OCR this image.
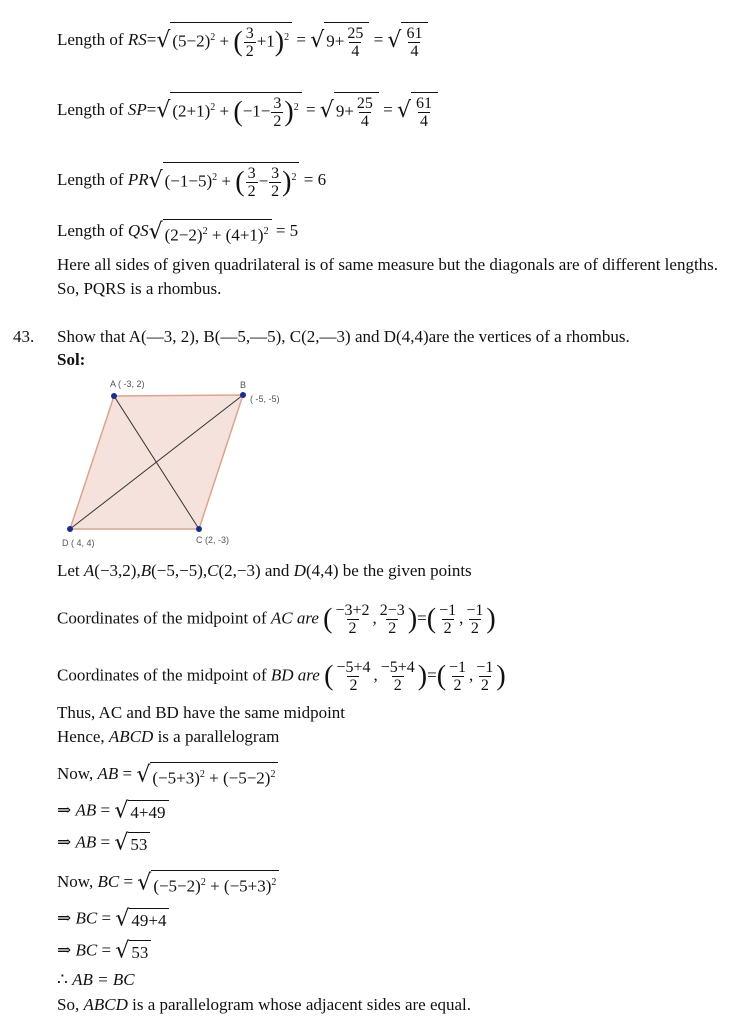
Length of RS=√ $(5-2)^2$ + ( $\frac{3}{2} +1)^2$ = √ $9+ \frac{25}{4}$ = √ $\frac{61}{4}$
Length of SP=√ $(2+1)^2 + (-1- \frac{3}{2} )^2$ = √ $9+ \frac{25}{4}$ = √ $\frac{61}{4}$
Length of PR√ $(-1-5)^2$ + ( $\frac{3}{2} - \frac{3}{2} )^2 = 6$
Length of QS√ $(2-2)^2 + (4+1)^2 = 5$
Here all sides of given quadrilateral is of same measure but the diagonals are of different lengths. So, PQRS is a rhombus.
43. Show that A(—3, 2), B(—5,—5), C(2,—3) and D(4,4)are the vertices of a rhombus.
Sol:
A ( -3, 2)	B
( -5, -5)
C (2, -3)
D ( 4, 4)
Let A(−3,2),B(−5,−5),C(2,−3) and D(4,4) be the given points
Coordinates of the midpoint of AC are ( $\frac{-3+2}{2}$ , $\frac{2-3}{2}$ )=( $\frac{-1}{2}$ , $\frac{-1}{2}$ )
Coordinates of the midpoint of BD are ( $\frac{-5+4}{2}$ , $\frac{-5+4}{2}$ )=( $\frac{-1}{2}$ , $\frac{-1}{2}$ )
Thus, AC and BD have the same midpoint
Hence, ABCD is a parallelogram
Now, AB = √ $(-5+3)^2 + (-5-2)^2$
⇒ AB = √ 4+49
⇒ AB = √ 53
Now, BC = √ $(-5-2)^2 + (-5+3)^2$
⇒ BC = √ 49+4
⇒ BC = √ 53
∴ AB = BC
So, ABCD is a parallelogram whose adjacent sides are equal.
